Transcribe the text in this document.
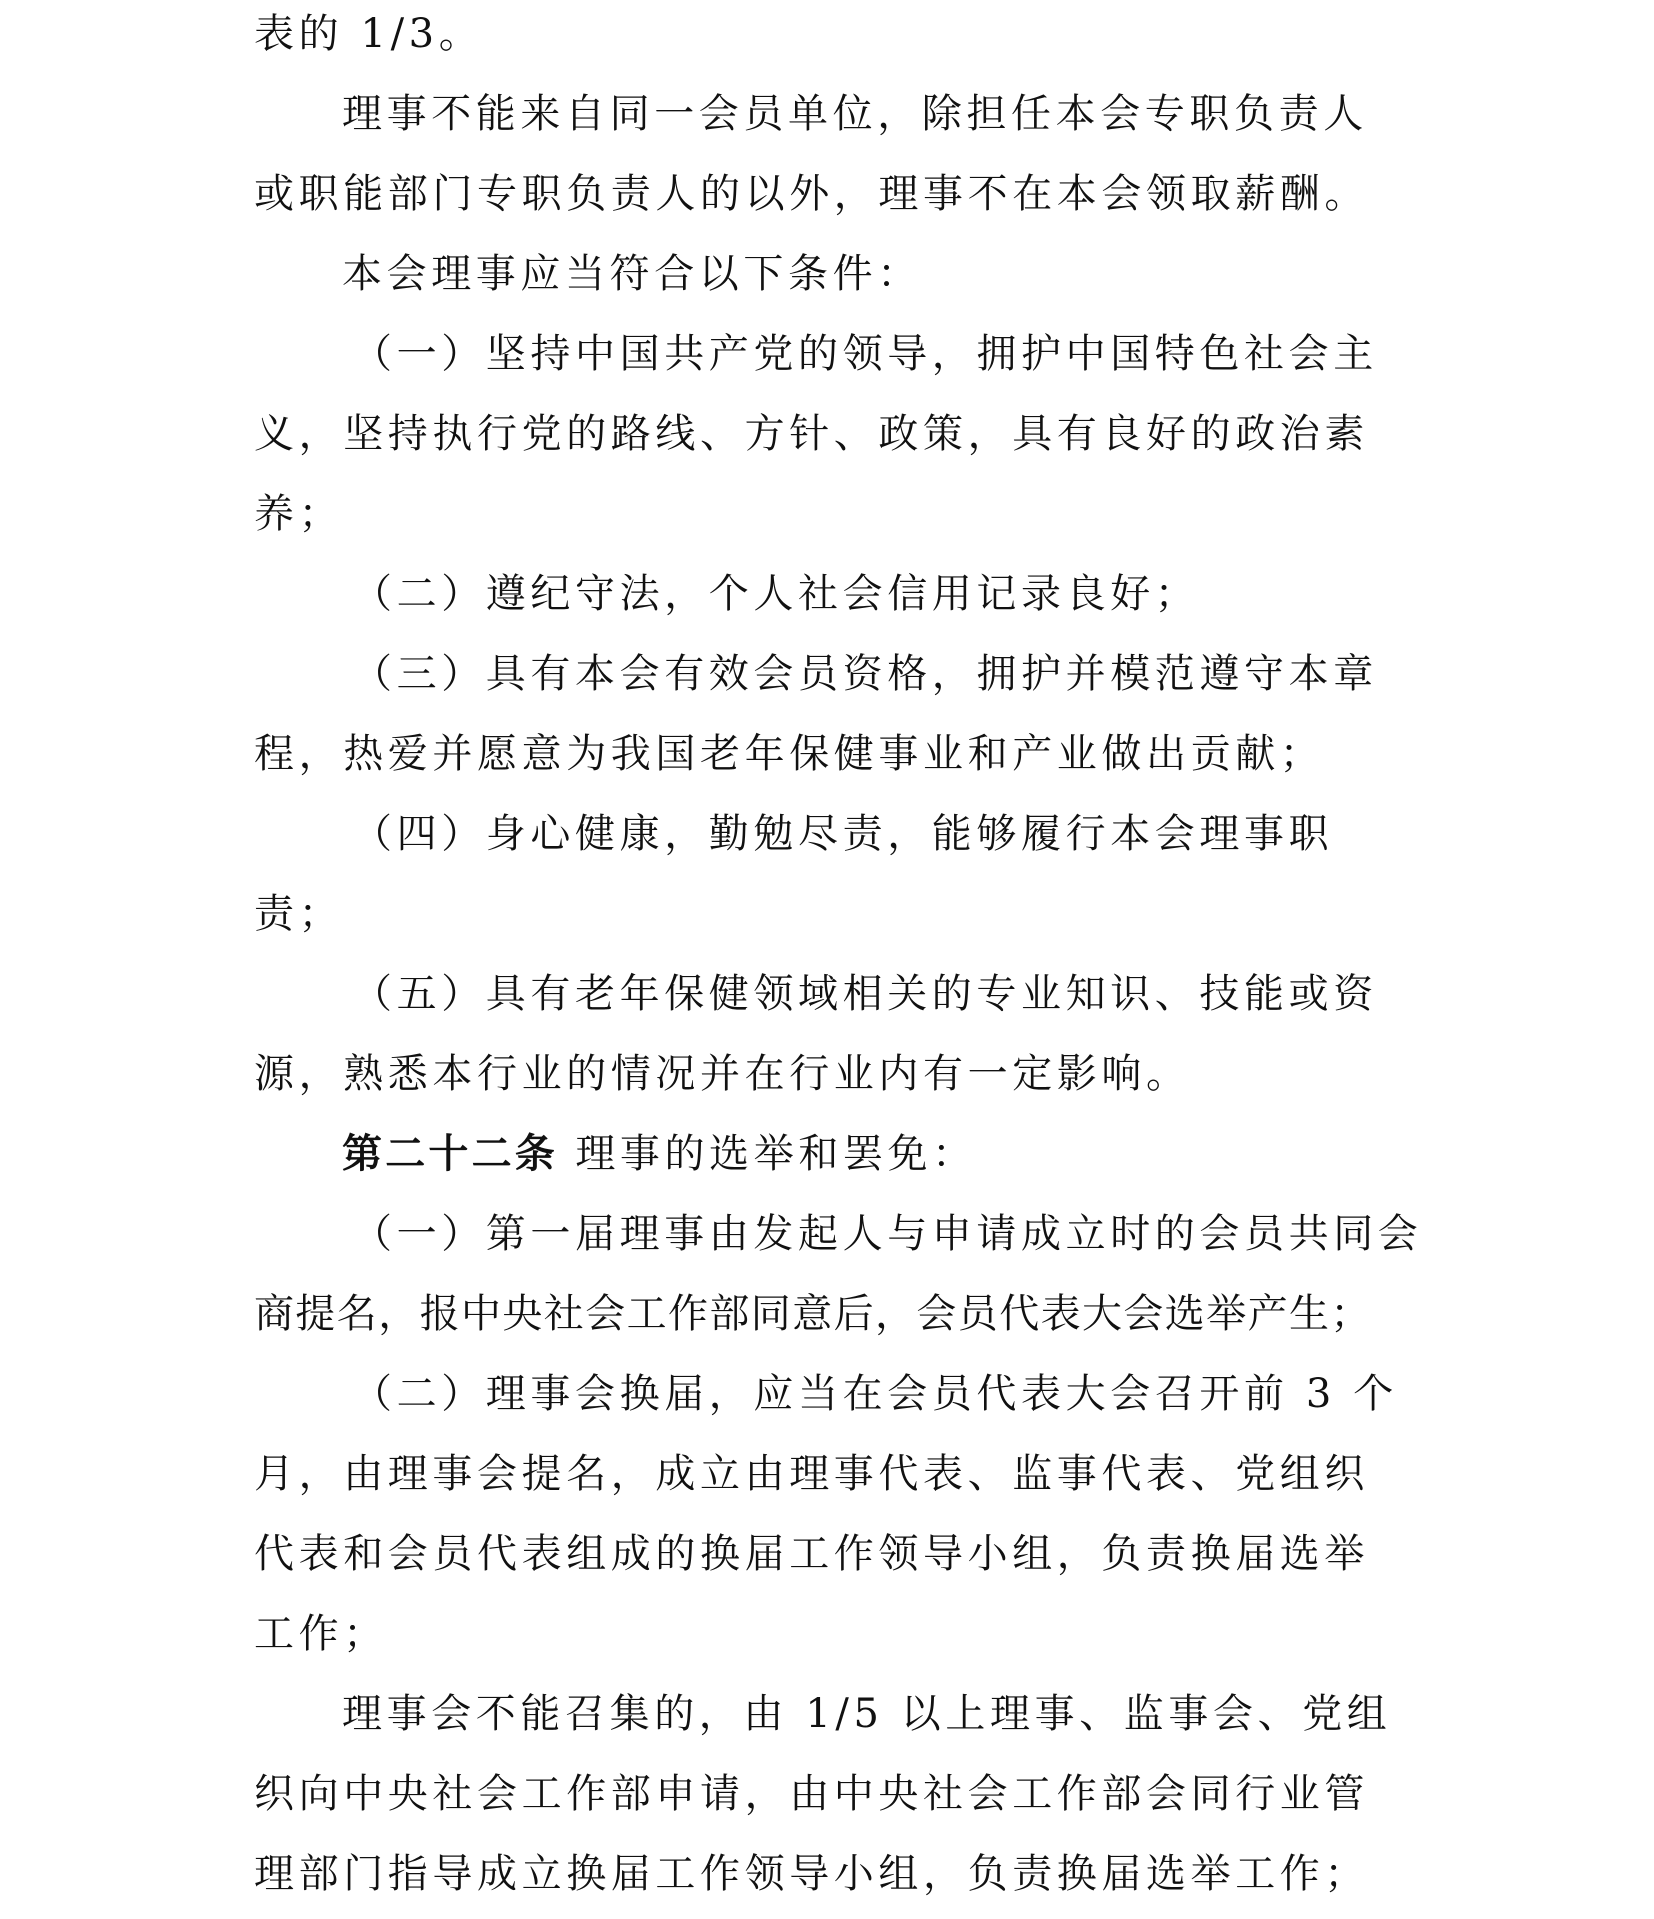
表的 1/3。

理事不能来自同一会员单位，除担任本会专职负责人

或职能部门专职负责人的以外，理事不在本会领取薪酬。

本会理事应当符合以下条件：

（一）坚持中国共产党的领导，拥护中国特色社会主

义，坚持执行党的路线、方针、政策，具有良好的政治素

养；

（二）遵纪守法，个人社会信用记录良好；

（三）具有本会有效会员资格，拥护并模范遵守本章

程，热爱并愿意为我国老年保健事业和产业做出贡献；

（四）身心健康，勤勉尽责，能够履行本会理事职

责；

（五）具有老年保健领域相关的专业知识、技能或资

源，熟悉本行业的情况并在行业内有一定影响。

第二十二条 理事的选举和罢免：

（一）第一届理事由发起人与申请成立时的会员共同会

商提名，报中央社会工作部同意后，会员代表大会选举产生；

（二）理事会换届，应当在会员代表大会召开前 3 个

月，由理事会提名，成立由理事代表、监事代表、党组织

代表和会员代表组成的换届工作领导小组，负责换届选举

工作；

理事会不能召集的，由 1/5 以上理事、监事会、党组

织向中央社会工作部申请，由中央社会工作部会同行业管

理部门指导成立换届工作领导小组，负责换届选举工作；
